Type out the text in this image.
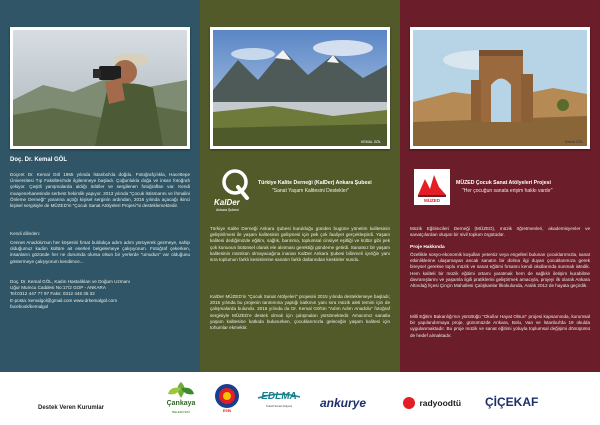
Doç. Dr. Kemal GÖL
Doçent Dr. Kemal Göl 1965 yılında İstanbul'da doğdu. Fotoğrafçılıkla, Hacettepe Üniversitesi Tıp Fakültesi'nde ilgilenmeye başladı. Çoğunlukla doğa ve insan fotoğrafı çekiyor. Çeşitli yarışmalarda aldığı ödüller ve sergilenen fotoğrafları var. Kendi muayenehanesinde serbest hekimlik yapıyor. 2013 yılında "Çocuk İstismarını ve İhmalini Önleme Derneği" yararına açtığı kişisel serginin ardından, 2016 yılında açacağı ikinci kişisel sergisiyle de MÜZED'in "Çocuk Sanat Atölyeleri Projesi"ni desteklemektedir.
Kendi dilinden:
Cennet Anadolu'nun her köşesini fırsat buldukça adım adım yürüyerek gezmeye, sahip olduğumuz kadim kültüre ait eserleri belgelemeye çalışıyorum. Fotoğraf çekerken, insanların gözünde her ne durumda olursa olsun bir yerlerde "umudun" var olduğunu göstermeye çalışıyorum kendimce...
Doç. Dr. Kemal GÖL, Kadın Hastalıkları ve Doğum Uzmanı
Uğur Mumcu Caddesi No:17/2 GOP - ANKARA
Tel:0312 447 77 97 Faks: 0312 446 35 32
E-posta: kemalgol@gmail.com www.drkemalgol.com
facebook/kemalgol
KEMAL GÖL
KalDer
Ankara Şubesi
Türkiye Kalite Derneği (KalDer) Ankara Şubesi
"Sanat Yaşam Kalitesini Destekler"
Türkiye Kalite Derneği Ankara Şubesi kurulduğu günden bugüne yönetim kalitesinin geliştirilmesi ile yaşam kalitesinin gelişmesi için pek çok faaliyet gerçekleştirdi. Yaşam kalitesi dediğimizde eğitim, sağlık, barınma, toplumsal cinsiyet eşitliği ve kültür gibi pek çok konunun bütünsel olarak ele alınması gerektiği gündeme getirdi. Sanatsız bir yaşam kalitesinin mümkün olmayacağına inanan KalDer Ankara Şubesi bilinmeli içeriğin yanı sıra toplumun farklı kesimlerine sanatın farklı dallarından keskinler sundu.
KalDer MÜZED'in "Çocuk Sanat Atölyeleri" projesini 2015 yılında desteklemeye başladı; 2015 yılında bu projenin tanıtımına yaptığı katkının yanı sıra müzik aleti temini için de çalışmalarda bulundu. 2016 yılında da Dr. Kemal Göl'ün "Adım Adım Anadolu" fotoğraf sergisiyle MÜZED'e destek olmak için çalışmaları yürütmektedir. Amacımız sanatla yaşam kalitesine katkıda bulunurken, çocuklarımızla geleceğin yaşam kalitesi için tohumlar ekmektir.
Kemal GÖL
MÜZED
MÜZED Çocuk Sanat Atölyeleri Projesi
"Her çocuğun sanata erişim hakkı vardır"
Müzik Eğitimcileri Derneği (MÜZED), müzik öğretmenleri, akademisyenler ve sanatçılardan oluşan bir sivil toplum örgütüdür.
Proje Hakkında
Özellikle sosyo-ekonomik koşulları yetersiz veya engelleri bulunan çocuklarımızla, sanat etkinliklerine ulaşamayan ancak sanatın bir dolma ilgi duyan çocuklarımıza gerek bireysel gerekse toplu müzik ve sanat eğitimi fırsatını kendi okullarında sunmak istedik. Hem kaliteli bir müzik eğitimi ortamı yaratmak hem de sağlıklı iletişim kurabilme davranışlarını ve yaşamla ilgili pratiklerini geliştirmek amacıyla, projeyi ilk olarak Ankara Altındağ İlçesi Çinçin Mahallesi Çalışkanlar İlkokulunda, Aralık 2012 de hayata geçirdik.
Milli Eğitim Bakanlığı'nın yürüttüğü "Okullar Hayat Olsun" projesi kapsamında, kurumsal bir yapılandırmaya proje, günümüzde Ankara, Bolu, Van ve İstanbul'da 19 okulda uygulanmaktadır. Bu proje müzik ve sanat eğitimi yoluyla toplumsal değişimi dönüşümü de hedef almaktadır.
Destek Veren Kurumlar
Çankaya
BELEDİYESİ	ESİN
EDLMA
Tekstil Sanat Atölyesi	ankurye	radyoodtü ÇİÇEKAF
